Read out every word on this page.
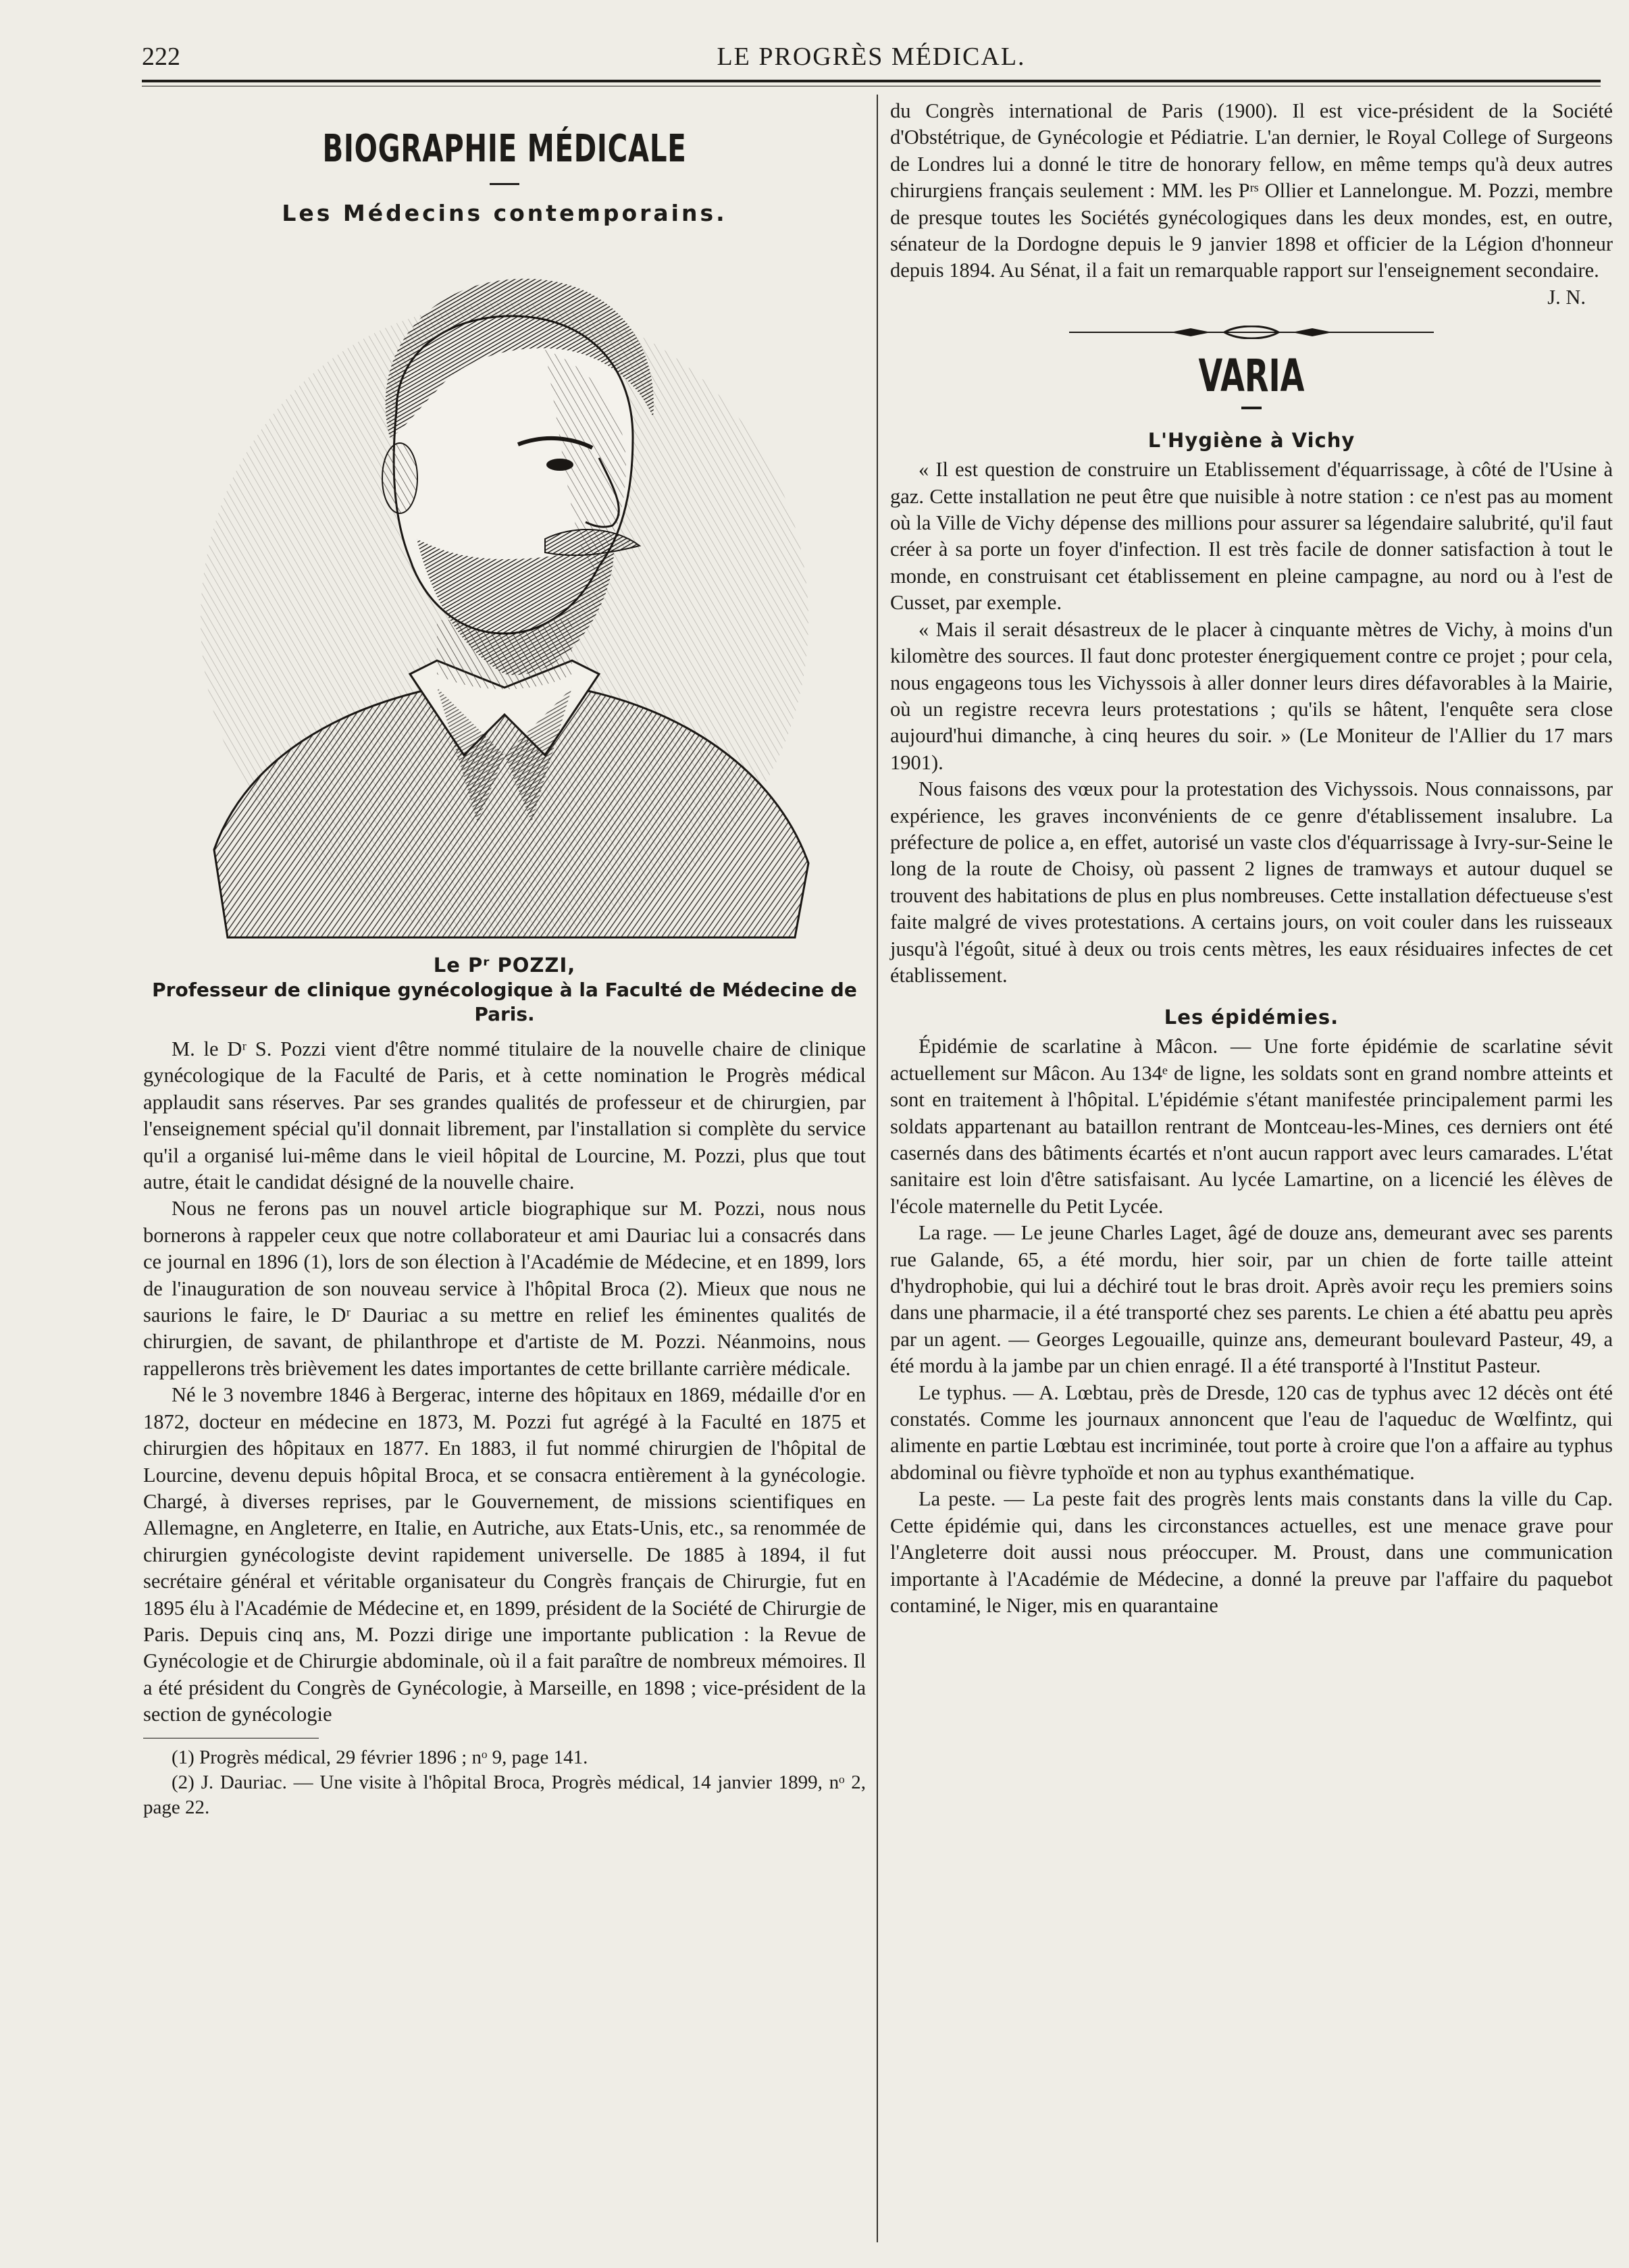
222	LE PROGRÈS MÉDICAL.
BIOGRAPHIE MÉDICALE
Les Médecins contemporains.
Le Pʳ POZZI,
Professeur de clinique gynécologique à la Faculté de Médecine de Paris.

M. le Dʳ S. Pozzi vient d'être nommé titulaire de la nouvelle chaire de clinique gynécologique de la Faculté de Paris, et à cette nomination le Progrès médical applaudit sans réserves. Par ses grandes qualités de professeur et de chirurgien, par l'enseignement spécial qu'il donnait librement, par l'installation si complète du service qu'il a organisé lui-même dans le vieil hôpital de Lourcine, M. Pozzi, plus que tout autre, était le candidat désigné de la nouvelle chaire.

Nous ne ferons pas un nouvel article biographique sur M. Pozzi, nous nous bornerons à rappeler ceux que notre collaborateur et ami Dauriac lui a consacrés dans ce journal en 1896 (1), lors de son élection à l'Académie de Médecine, et en 1899, lors de l'inauguration de son nouveau service à l'hôpital Broca (2). Mieux que nous ne saurions le faire, le Dʳ Dauriac a su mettre en relief les éminentes qualités de chirurgien, de savant, de philanthrope et d'artiste de M. Pozzi. Néanmoins, nous rappellerons très brièvement les dates importantes de cette brillante carrière médicale.

Né le 3 novembre 1846 à Bergerac, interne des hôpitaux en 1869, médaille d'or en 1872, docteur en médecine en 1873, M. Pozzi fut agrégé à la Faculté en 1875 et chirurgien des hôpitaux en 1877. En 1883, il fut nommé chirurgien de l'hôpital de Lourcine, devenu depuis hôpital Broca, et se consacra entièrement à la gynécologie. Chargé, à diverses reprises, par le Gouvernement, de missions scientifiques en Allemagne, en Angleterre, en Italie, en Autriche, aux Etats-Unis, etc., sa renommée de chirurgien gynécologiste devint rapidement universelle. De 1885 à 1894, il fut secrétaire général et véritable organisateur du Congrès français de Chirurgie, fut en 1895 élu à l'Académie de Médecine et, en 1899, président de la Société de Chirurgie de Paris. Depuis cinq ans, M. Pozzi dirige une importante publication : la Revue de Gynécologie et de Chirurgie abdominale, où il a fait paraître de nombreux mémoires. Il a été président du Congrès de Gynécologie, à Marseille, en 1898 ; vice-président de la section de gynécologie

(1) Progrès médical, 29 février 1896 ; nᵒ 9, page 141.

(2) J. Dauriac. — Une visite à l'hôpital Broca, Progrès médical, 14 janvier 1899, nᵒ 2, page 22.

du Congrès international de Paris (1900). Il est vice-président de la Société d'Obstétrique, de Gynécologie et Pédiatrie. L'an dernier, le Royal College of Surgeons de Londres lui a donné le titre de honorary fellow, en même temps qu'à deux autres chirurgiens français seulement : MM. les Pʳˢ Ollier et Lannelongue. M. Pozzi, membre de presque toutes les Sociétés gynécologiques dans les deux mondes, est, en outre, sénateur de la Dordogne depuis le 9 janvier 1898 et officier de la Légion d'honneur depuis 1894. Au Sénat, il a fait un remarquable rapport sur l'enseignement secondaire.

J. N.
VARIA
L'Hygiène à Vichy

« Il est question de construire un Etablissement d'équarrissage, à côté de l'Usine à gaz. Cette installation ne peut être que nuisible à notre station : ce n'est pas au moment où la Ville de Vichy dépense des millions pour assurer sa légendaire salubrité, qu'il faut créer à sa porte un foyer d'infection. Il est très facile de donner satisfaction à tout le monde, en construisant cet établissement en pleine campagne, au nord ou à l'est de Cusset, par exemple.

« Mais il serait désastreux de le placer à cinquante mètres de Vichy, à moins d'un kilomètre des sources. Il faut donc protester énergiquement contre ce projet ; pour cela, nous engageons tous les Vichyssois à aller donner leurs dires défavorables à la Mairie, où un registre recevra leurs protestations ; qu'ils se hâtent, l'enquête sera close aujourd'hui dimanche, à cinq heures du soir. » (Le Moniteur de l'Allier du 17 mars 1901).

Nous faisons des vœux pour la protestation des Vichyssois. Nous connaissons, par expérience, les graves inconvénients de ce genre d'établissement insalubre. La préfecture de police a, en effet, autorisé un vaste clos d'équarrissage à Ivry-sur-Seine le long de la route de Choisy, où passent 2 lignes de tramways et autour duquel se trouvent des habitations de plus en plus nombreuses. Cette installation défectueuse s'est faite malgré de vives protestations. A certains jours, on voit couler dans les ruisseaux jusqu'à l'égoût, situé à deux ou trois cents mètres, les eaux résiduaires infectes de cet établissement.

Les épidémies.

Épidémie de scarlatine à Mâcon. — Une forte épidémie de scarlatine sévit actuellement sur Mâcon. Au 134ᵉ de ligne, les soldats sont en grand nombre atteints et sont en traitement à l'hôpital. L'épidémie s'étant manifestée principalement parmi les soldats appartenant au bataillon rentrant de Montceau-les-Mines, ces derniers ont été casernés dans des bâtiments écartés et n'ont aucun rapport avec leurs camarades. L'état sanitaire est loin d'être satisfaisant. Au lycée Lamartine, on a licencié les élèves de l'école maternelle du Petit Lycée.

La rage. — Le jeune Charles Laget, âgé de douze ans, demeurant avec ses parents rue Galande, 65, a été mordu, hier soir, par un chien de forte taille atteint d'hydrophobie, qui lui a déchiré tout le bras droit. Après avoir reçu les premiers soins dans une pharmacie, il a été transporté chez ses parents. Le chien a été abattu peu après par un agent. — Georges Legouaille, quinze ans, demeurant boulevard Pasteur, 49, a été mordu à la jambe par un chien enragé. Il a été transporté à l'Institut Pasteur.

Le typhus. — A. Lœbtau, près de Dresde, 120 cas de typhus avec 12 décès ont été constatés. Comme les journaux annoncent que l'eau de l'aqueduc de Wœlfintz, qui alimente en partie Lœbtau est incriminée, tout porte à croire que l'on a affaire au typhus abdominal ou fièvre typhoïde et non au typhus exanthématique.

La peste. — La peste fait des progrès lents mais constants dans la ville du Cap. Cette épidémie qui, dans les circonstances actuelles, est une menace grave pour l'Angleterre doit aussi nous préoccuper. M. Proust, dans une communication importante à l'Académie de Médecine, a donné la preuve par l'affaire du paquebot contaminé, le Niger, mis en quarantaine
